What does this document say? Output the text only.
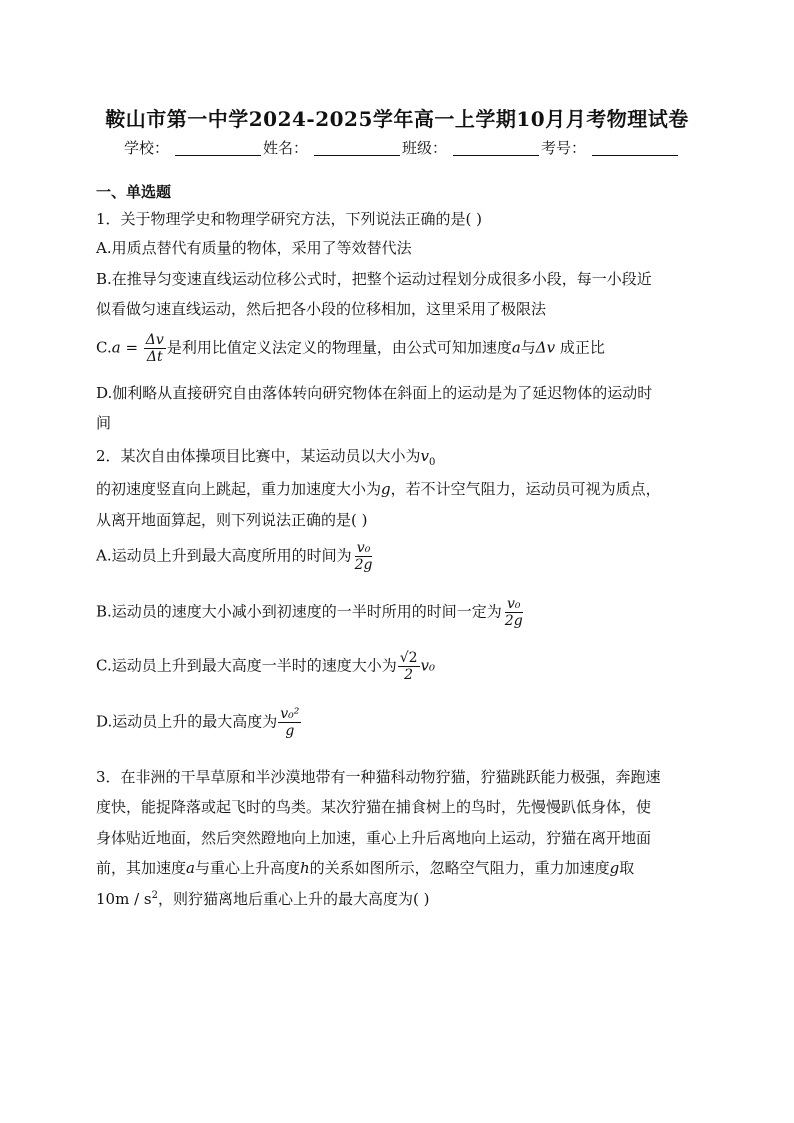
鞍山市第一中学2024-2025学年高一上学期10月月考物理试卷
学校：	姓名：	班级：	考号：
一、单选题
1．关于物理学史和物理学研究方法，下列说法正确的是( )
A.用质点替代有质量的物体，采用了等效替代法
B.在推导匀变速直线运动位移公式时，把整个运动过程划分成很多小段，每一小段近
似看做匀速直线运动，然后把各小段的位移相加，这里采用了极限法
$C.a = \frac{\Delta v}{\Delta t}$ 是利用比值定义法定义的物理量，由公式可知加速度a与Δv 成正比
D.伽利略从直接研究自由落体转向研究物体在斜面上的运动是为了延迟物体的运动时
间
2．某次自由体操项目比赛中，某运动员以大小为$v_0$
的初速度竖直向上跳起，重力加速度大小为g，若不计空气阻力，运动员可视为质点，
从离开地面算起，则下列说法正确的是( )
A.运动员上升到最大高度所用的时间为 $\frac{\text{v₀}}{2g}$
B.运动员的速度大小减小到初速度的一半时所用的时间一定为 $\frac{\text{v₀}}{2g}$
C.运动员上升到最大高度一半时的速度大小为 $\frac{√2}{2} v_0$
D.运动员上升的最大高度为 $\frac{\text{v₀²}}{g}$
3．在非洲的干旱草原和半沙漠地带有一种猫科动物狞猫，狞猫跳跃能力极强，奔跑速
度快，能捉降落或起飞时的鸟类。某次狞猫在捕食树上的鸟时，先慢慢趴低身体，使
身体贴近地面，然后突然蹬地向上加速，重心上升后离地向上运动，狞猫在离开地面
前，其加速度a与重心上升高度h的关系如图所示，忽略空气阻力，重力加速度g取
$10m / s^2$，则狞猫离地后重心上升的最大高度为( )
